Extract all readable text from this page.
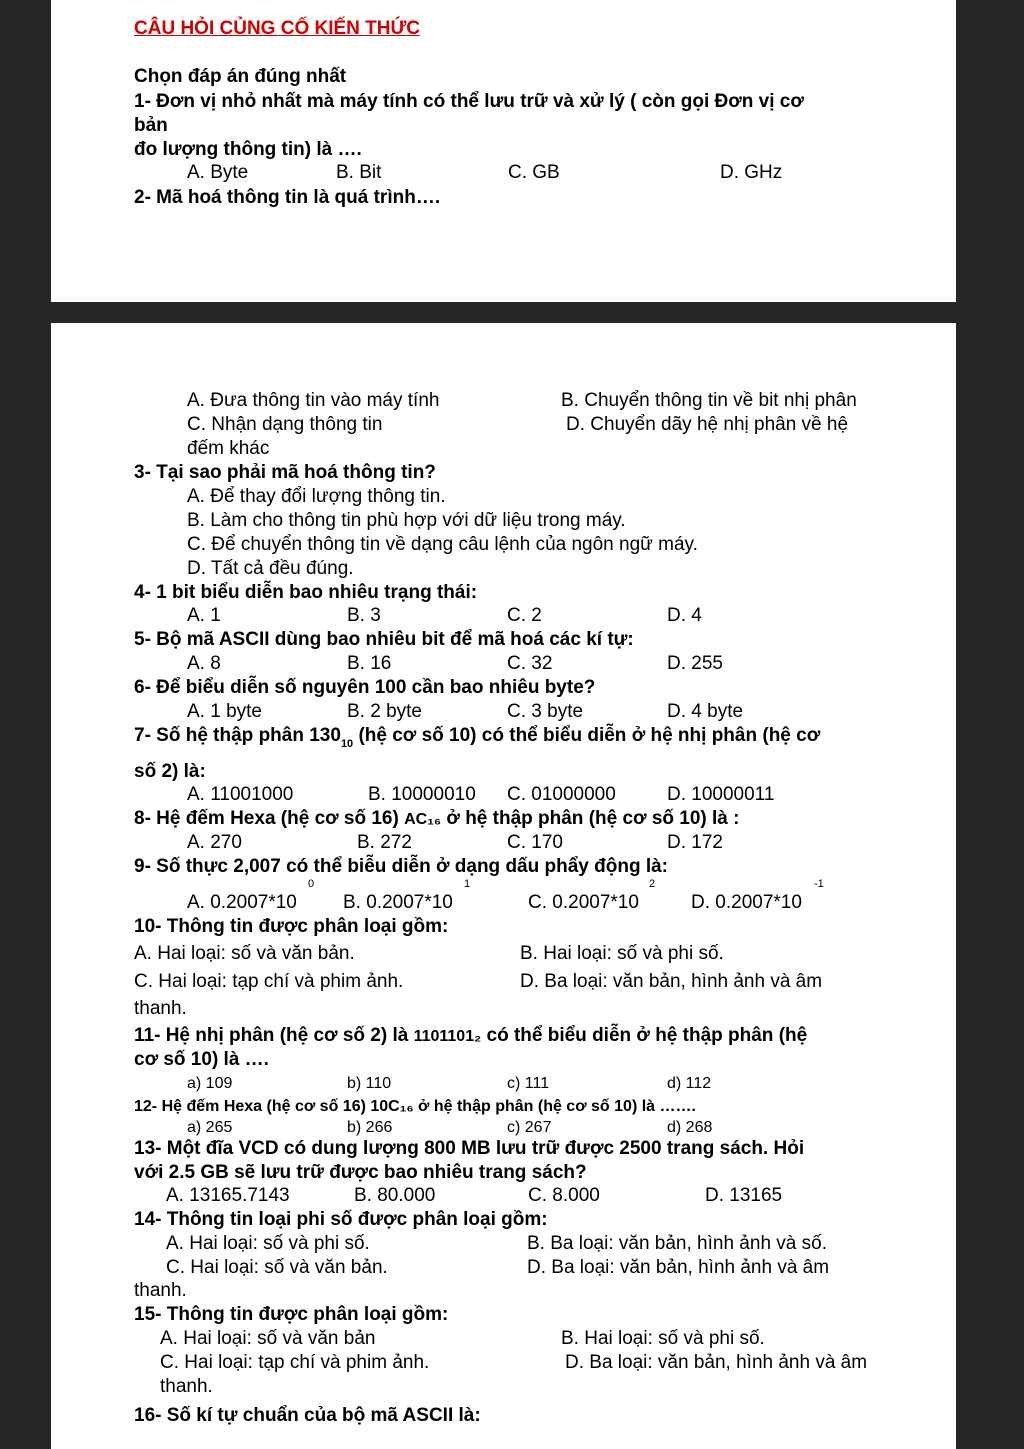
CÂU HỎI CỦNG CỐ KIẾN THỨC
Chọn đáp án đúng nhất
1- Đơn vị nhỏ nhất mà máy tính có thể lưu trữ và xử lý ( còn gọi Đơn vị cơ
bản
đo lượng thông tin) là ….
A. Byte	B. Bit	C. GB	D. GHz
2- Mã hoá thông tin là quá trình….
A. Đưa thông tin vào máy tính	B. Chuyển thông tin về bit nhị phân
C. Nhận dạng thông tin	D. Chuyển dãy hệ nhị phân về hệ
đếm khác
3- Tại sao phải mã hoá thông tin?
A. Để thay đổi lượng thông tin.
B. Làm cho thông tin phù hợp với dữ liệu trong máy.
C. Để chuyển thông tin về dạng câu lệnh của ngôn ngữ máy.
D. Tất cả đều đúng.
4- 1 bit biểu diễn bao nhiêu trạng thái:
A. 1	B. 3	C. 2	D. 4
5- Bộ mã ASCII dùng bao nhiêu bit để mã hoá các kí tự:
A. 8	B. 16	C. 32	D. 255
6- Để biểu diễn số nguyên 100 cần bao nhiêu byte?
A. 1 byte	B. 2 byte	C. 3 byte	D. 4 byte
7- Số hệ thập phân $130_{10}$ (hệ cơ số 10) có thể biểu diễn ở hệ nhị phân (hệ cơ
số 2) là:
A. 11001000	B. 10000010 C. 01000000	D. 10000011
8- Hệ đếm Hexa (hệ cơ số 16) AC₁₆ ở hệ thập phân (hệ cơ số 10) là :
A. 270	B. 272	C. 170	D. 172
9- Số thực 2,007 có thể biễu diễn ở dạng dấu phẩy động là:
A. 0.2007*10
0
B. 0.2007*10
1
C. 0.2007*10
2
D. 0.2007*10
-1
10- Thông tin được phân loại gồm:
A. Hai loại: số và văn bản.	B. Hai loại: số và phi số.
C. Hai loại: tạp chí và phim ảnh.	D. Ba loại: văn bản, hình ảnh và âm
thanh.
11- Hệ nhị phân (hệ cơ số 2) là 1101101₂ có thể biểu diễn ở hệ thập phân (hệ
cơ số 10) là ….
a) 109	b) 110	c) 111	d) 112
12- Hệ đếm Hexa (hệ cơ số 16) 10C₁₆ ở hệ thập phân (hệ cơ số 10) là …….
a) 265	b) 266	c) 267	d) 268
13- Một đĩa VCD có dung lượng 800 MB lưu trữ được 2500 trang sách. Hỏi
với 2.5 GB sẽ lưu trữ được bao nhiêu trang sách?
A. 13165.7143	B. 80.000	C. 8.000	D. 13165
14- Thông tin loại phi số được phân loại gồm:
A. Hai loại: số và phi số.	B. Ba loại: văn bản, hình ảnh và số.
C. Hai loại: số và văn bản.	D. Ba loại: văn bản, hình ảnh và âm
thanh.
15- Thông tin được phân loại gồm:
A. Hai loại: số và văn bản	B. Hai loại: số và phi số.
C. Hai loại: tạp chí và phim ảnh.	D. Ba loại: văn bản, hình ảnh và âm
thanh.
16- Số kí tự chuẩn của bộ mã ASCII là:
